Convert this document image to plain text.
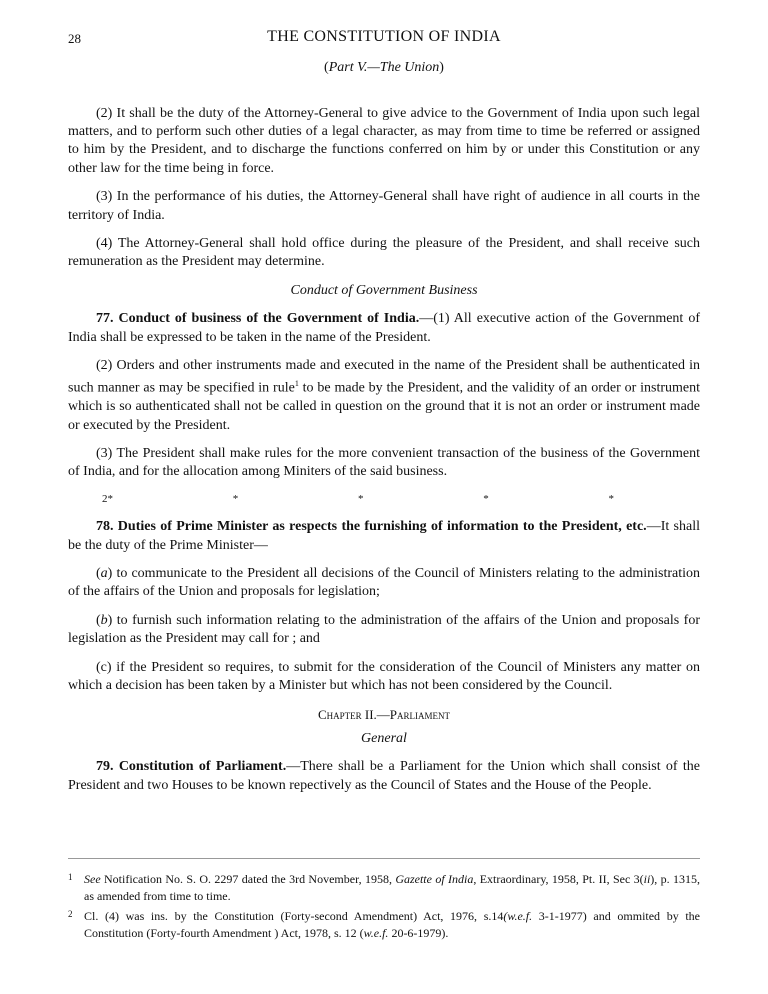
28	THE CONSTITUTION OF INDIA
(Part V.—The Union)

(2) It shall be the duty of the Attorney-General to give advice to the Government of India upon such legal matters, and to perform such other duties of a legal character, as may from time to time be referred or assigned to him by the President, and to discharge the functions conferred on him by or under this Constitution or any other law for the time being in force.

(3) In the performance of his duties, the Attorney-General shall have right of audience in all courts in the territory of India.

(4) The Attorney-General shall hold office during the pleasure of the President, and shall receive such remuneration as the President may determine.

Conduct of Government Business

77. Conduct of business of the Government of India.—(1) All executive action of the Government of India shall be expressed to be taken in the name of the President.

(2) Orders and other instruments made and executed in the name of the President shall be authenticated in such manner as may be specified in rule$^1$ to be made by the President, and the validity of an order or instrument which is so authenticated shall not be called in question on the ground that it is not an order or instrument made or executed by the President.

(3) The President shall make rules for the more convenient transaction of the business of the Government of India, and for the allocation among Miniters of the said business.

2*	*	*	*	*

78. Duties of Prime Minister as respects the furnishing of information to the President, etc.—It shall be the duty of the Prime Minister—

(a) to communicate to the President all decisions of the Council of Ministers relating to the administration of the affairs of the Union and proposals for legislation;

(b) to furnish such information relating to the administration of the affairs of the Union and proposals for legislation as the President may call for ; and

(c) if the President so requires, to submit for the consideration of the Council of Ministers any matter on which a decision has been taken by a Minister but which has not been considered by the Council.

Chapter II.—Parliament
General

79. Constitution of Parliament.—There shall be a Parliament for the Union which shall consist of the President and two Houses to be known repectively as the Council of States and the House of the People.

1 See Notification No. S. O. 2297 dated the 3rd November, 1958, Gazette of India, Extraordinary, 1958, Pt. II, Sec 3(ii), p. 1315, as amended from time to time.
2 Cl. (4) was ins. by the Constitution (Forty-second Amendment) Act, 1976, s.14(w.e.f. 3-1-1977) and ommited by the Constitution (Forty-fourth Amendment ) Act, 1978, s. 12 (w.e.f. 20-6-1979).
